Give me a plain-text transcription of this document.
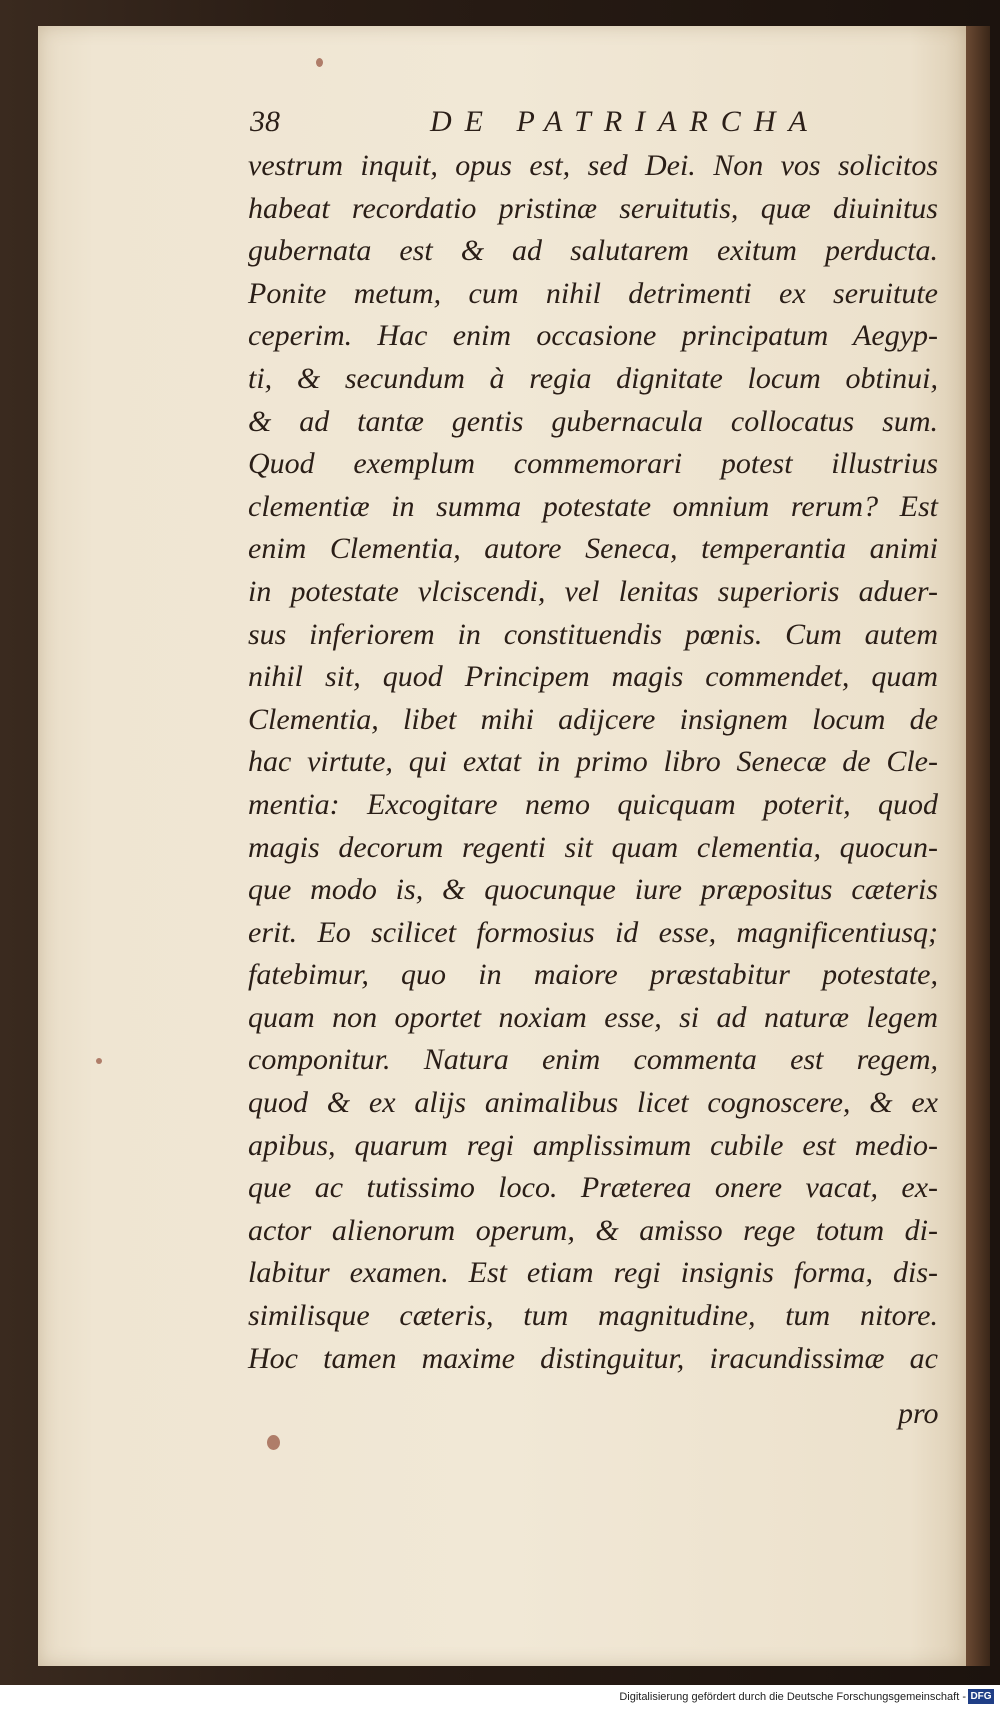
38	DE PATRIARCHA
vestrum inquit, opus est, sed Dei. Non vos solicitos
habeat recordatio pristinæ seruitutis, quæ diuinitus
gubernata est & ad salutarem exitum perducta.
Ponite metum, cum nihil detrimenti ex seruitute
ceperim. Hac enim occasione principatum Aegyp-
ti, & secundum à regia dignitate locum obtinui,
& ad tantæ gentis gubernacula collocatus sum.
Quod exemplum commemorari potest illustrius
clementiæ in summa potestate omnium rerum? Est
enim Clementia, autore Seneca, temperantia animi
in potestate vlciscendi, vel lenitas superioris aduer-
sus inferiorem in constituendis pœnis. Cum autem
nihil sit, quod Principem magis commendet, quam
Clementia, libet mihi adijcere insignem locum de
hac virtute, qui extat in primo libro Senecæ de Cle-
mentia: Excogitare nemo quicquam poterit, quod
magis decorum regenti sit quam clementia, quocun-
que modo is, & quocunque iure præpositus cæteris
erit. Eo scilicet formosius id esse, magnificentiusq;
fatebimur, quo in maiore præstabitur potestate,
quam non oportet noxiam esse, si ad naturæ legem
componitur. Natura enim commenta est regem,
quod & ex alijs animalibus licet cognoscere, & ex
apibus, quarum regi amplissimum cubile est medio-
que ac tutissimo loco. Præterea onere vacat, ex-
actor alienorum operum, & amisso rege totum di-
labitur examen. Est etiam regi insignis forma, dis-
similisque cæteris, tum magnitudine, tum nitore.
Hoc tamen maxime distinguitur, iracundissimæ ac
pro
Digitalisierung gefördert durch die Deutsche Forschungsgemeinschaft - DFG
